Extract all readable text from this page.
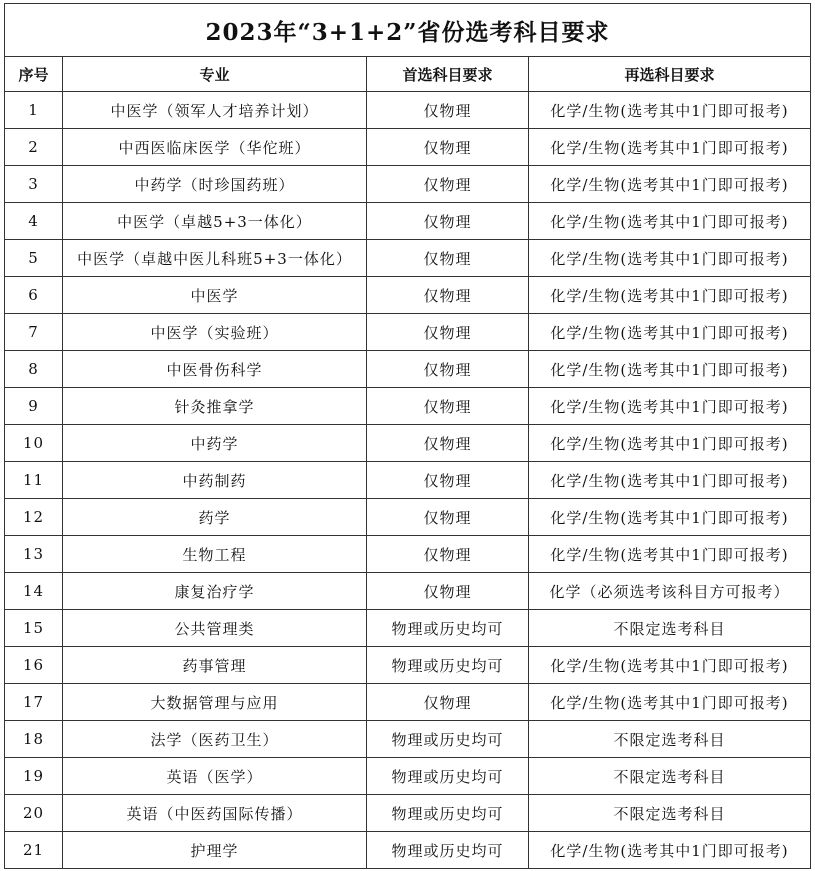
2023年“3+1+2”省份选考科目要求			
序号	专业	首选科目要求	再选科目要求
1	中医学（领军人才培养计划）	仅物理	化学/生物(选考其中1门即可报考)
2	中西医临床医学（华佗班）	仅物理	化学/生物(选考其中1门即可报考)
3	中药学（时珍国药班）	仅物理	化学/生物(选考其中1门即可报考)
4	中医学（卓越5+3一体化）	仅物理	化学/生物(选考其中1门即可报考)
5	中医学（卓越中医儿科班5+3一体化）	仅物理	化学/生物(选考其中1门即可报考)
6	中医学	仅物理	化学/生物(选考其中1门即可报考)
7	中医学（实验班）	仅物理	化学/生物(选考其中1门即可报考)
8	中医骨伤科学	仅物理	化学/生物(选考其中1门即可报考)
9	针灸推拿学	仅物理	化学/生物(选考其中1门即可报考)
10	中药学	仅物理	化学/生物(选考其中1门即可报考)
11	中药制药	仅物理	化学/生物(选考其中1门即可报考)
12	药学	仅物理	化学/生物(选考其中1门即可报考)
13	生物工程	仅物理	化学/生物(选考其中1门即可报考)
14	康复治疗学	仅物理	化学（必须选考该科目方可报考）
15	公共管理类	物理或历史均可	不限定选考科目
16	药事管理	物理或历史均可	化学/生物(选考其中1门即可报考)
17	大数据管理与应用	仅物理	化学/生物(选考其中1门即可报考)
18	法学（医药卫生）	物理或历史均可	不限定选考科目
19	英语（医学）	物理或历史均可	不限定选考科目
20	英语（中医药国际传播）	物理或历史均可	不限定选考科目
21	护理学	物理或历史均可	化学/生物(选考其中1门即可报考)
